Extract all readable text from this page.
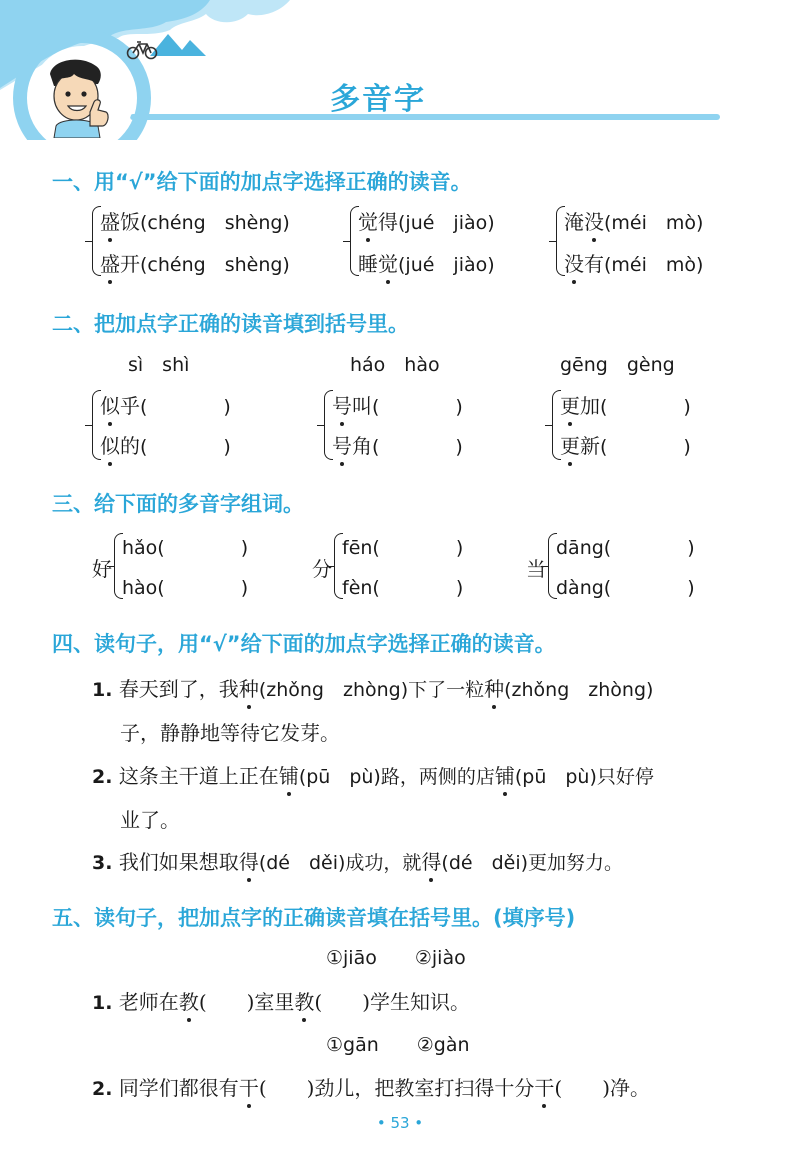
多音字
一、用“√”给下面的加点字选择正确的读音。
盛饭(chéng　shèng)
盛开(chéng　shèng)
觉得(jué　jiào)
睡觉(jué　jiào)
淹没(méi　mò)
没有(méi　mò)
二、把加点字正确的读音填到括号里。
sì　shì	háo　hào	gēng　gèng
似乎(　　　　)
似的(　　　　)
号叫(　　　　)
号角(　　　　)
更加(　　　　)
更新(　　　　)
三、给下面的多音字组词。
好
hǎo(　　　　)
hào(　　　　)
分
fēn(　　　　)
fèn(　　　　)
当
dāng(　　　　)
dàng(　　　　)
四、读句子，用“√”给下面的加点字选择正确的读音。
1. 春天到了，我种(zhǒng　zhòng)下了一粒种(zhǒng　zhòng)
子，静静地等待它发芽。
2. 这条主干道上正在铺(pū　pù)路，两侧的店铺(pū　pù)只好停
业了。
3. 我们如果想取得(dé　děi)成功，就得(dé　děi)更加努力。
五、读句子，把加点字的正确读音填在括号里。(填序号)
①jiāo　　②jiào
1. 老师在教(　　)室里教(　　)学生知识。
①gān　　②gàn
2. 同学们都很有干(　　)劲儿，把教室打扫得十分干(　　)净。
• 53 •
